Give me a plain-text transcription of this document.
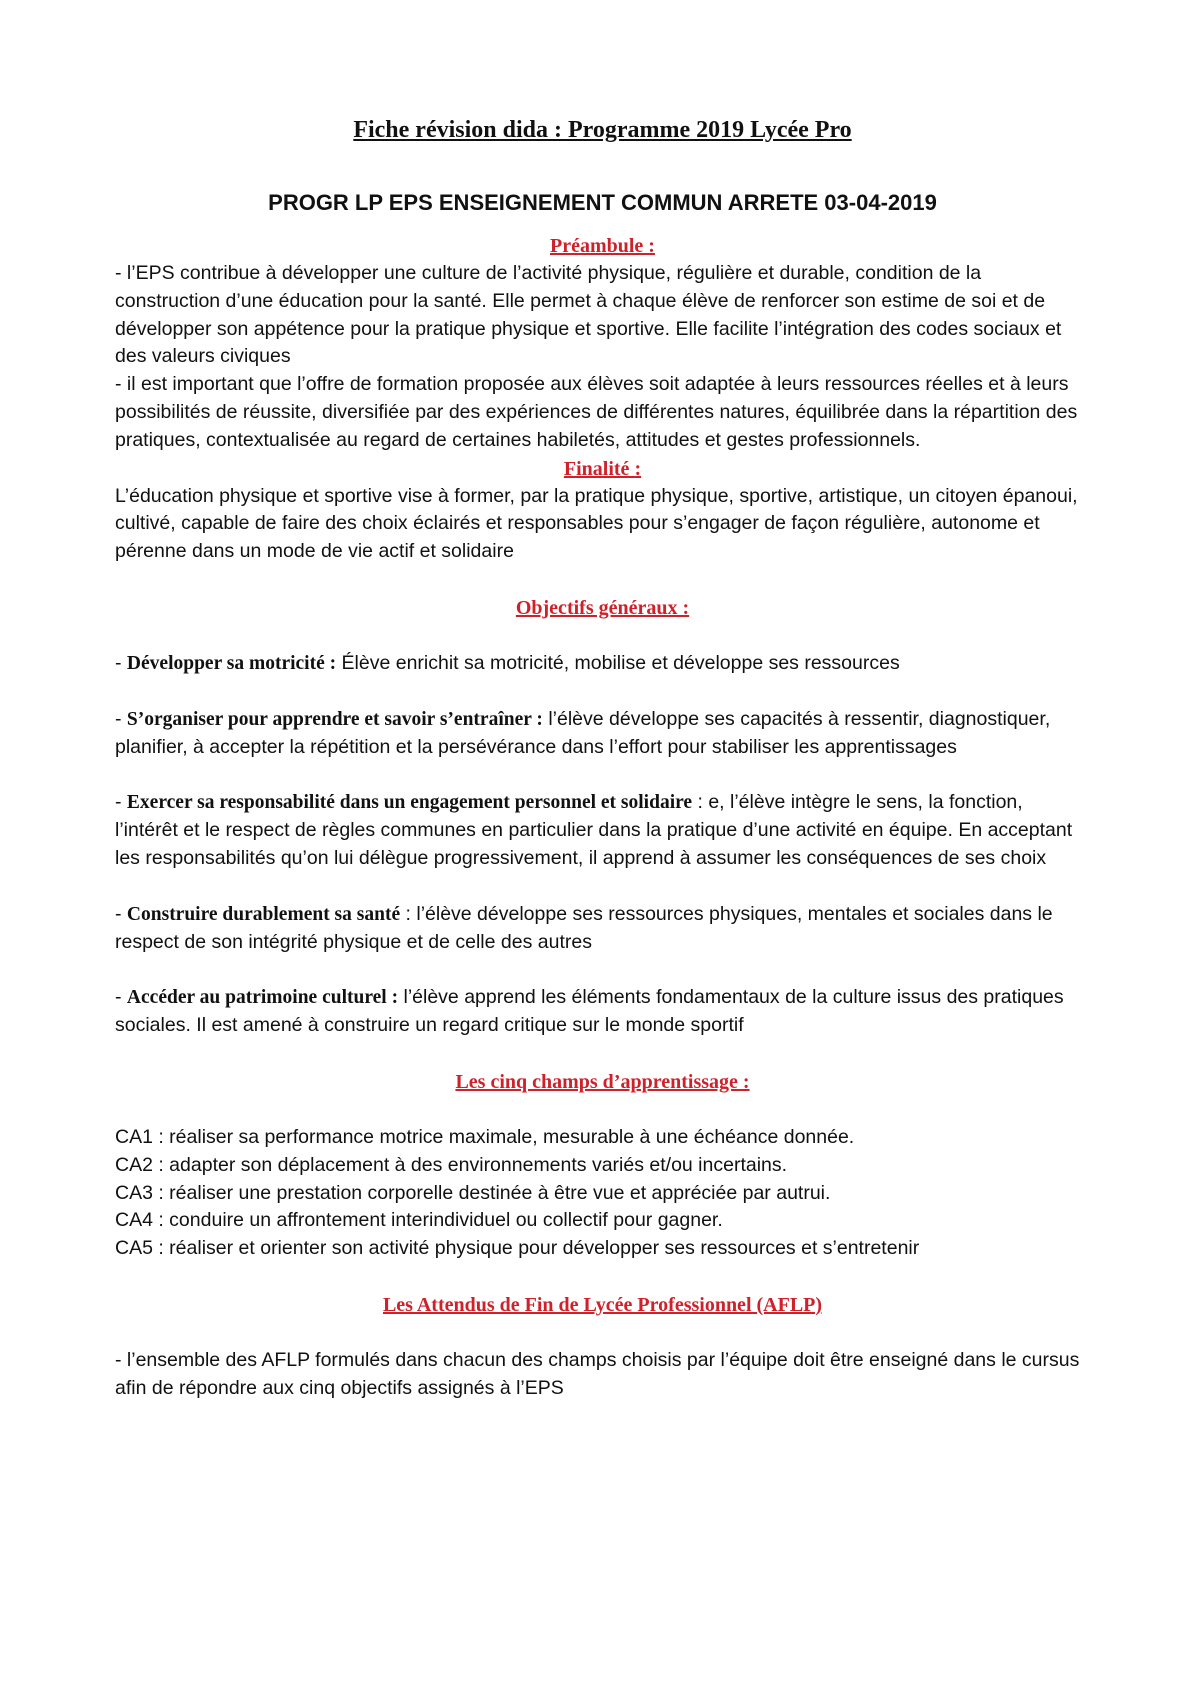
Fiche révision dida : Programme 2019 Lycée Pro
PROGR LP EPS ENSEIGNEMENT COMMUN ARRETE 03-04-2019
Préambule :

- l’EPS contribue à développer une culture de l’activité physique, régulière et durable, condition de la construction d’une éducation pour la santé. Elle permet à chaque élève de renforcer son estime de soi et de développer son appétence pour la pratique physique et sportive. Elle facilite l’intégration des codes sociaux et des valeurs civiques

- il est important que l’offre de formation proposée aux élèves soit adaptée à leurs ressources réelles et à leurs possibilités de réussite, diversifiée par des expériences de différentes natures, équilibrée dans la répartition des pratiques, contextualisée au regard de certaines habiletés, attitudes et gestes professionnels.

Finalité :

L’éducation physique et sportive vise à former, par la pratique physique, sportive, artistique, un citoyen épanoui, cultivé, capable de faire des choix éclairés et responsables pour s’engager de façon régulière, autonome et pérenne dans un mode de vie actif et solidaire

Objectifs généraux :

- Développer sa motricité : Élève enrichit sa motricité, mobilise et développe ses ressources

- S’organiser pour apprendre et savoir s’entraîner : l’élève développe ses capacités à ressentir, diagnostiquer, planifier, à accepter la répétition et la persévérance dans l’effort pour stabiliser les apprentissages

- Exercer sa responsabilité dans un engagement personnel et solidaire : e, l’élève intègre le sens, la fonction, l’intérêt et le respect de règles communes en particulier dans la pratique d’une activité en équipe. En acceptant les responsabilités qu’on lui délègue progressivement, il apprend à assumer les conséquences de ses choix

- Construire durablement sa santé : l’élève développe ses ressources physiques, mentales et sociales dans le respect de son intégrité physique et de celle des autres

- Accéder au patrimoine culturel : l’élève apprend les éléments fondamentaux de la culture issus des pratiques sociales. Il est amené à construire un regard critique sur le monde sportif

Les cinq champs d’apprentissage :

CA1 : réaliser sa performance motrice maximale, mesurable à une échéance donnée.

CA2 : adapter son déplacement à des environnements variés et/ou incertains.

CA3 : réaliser une prestation corporelle destinée à être vue et appréciée par autrui.

CA4 : conduire un affrontement interindividuel ou collectif pour gagner.

CA5 : réaliser et orienter son activité physique pour développer ses ressources et s’entretenir

Les Attendus de Fin de Lycée Professionnel (AFLP)

- l’ensemble des AFLP formulés dans chacun des champs choisis par l’équipe doit être enseigné dans le cursus afin de répondre aux cinq objectifs assignés à l’EPS
